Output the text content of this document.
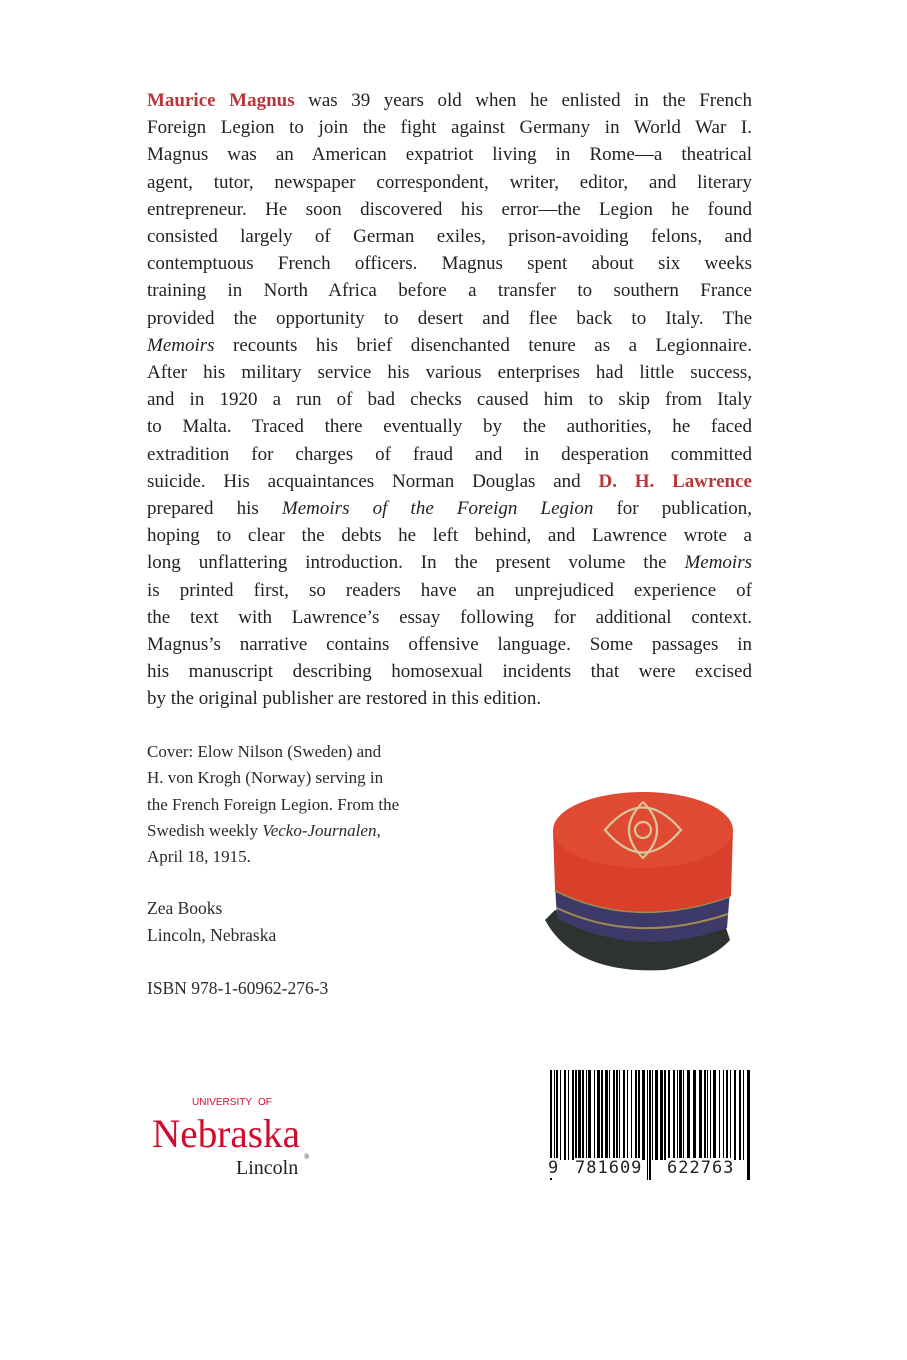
Maurice Magnus was 39 years old when he enlisted in the French
Foreign Legion to join the fight against Germany in World War I.
Magnus was an American expatriot living in Rome—a theatrical
agent, tutor, newspaper correspondent, writer, editor, and literary
entrepreneur. He soon discovered his error—the Legion he found
consisted largely of German exiles, prison-avoiding felons, and
contemptuous French officers. Magnus spent about six weeks
training in North Africa before a transfer to southern France
provided the opportunity to desert and flee back to Italy. The
Memoirs recounts his brief disenchanted tenure as a Legionnaire.
After his military service his various enterprises had little success,
and in 1920 a run of bad checks caused him to skip from Italy
to Malta. Traced there eventually by the authorities, he faced
extradition for charges of fraud and in desperation committed
suicide. His acquaintances Norman Douglas and D. H. Lawrence
prepared his Memoirs of the Foreign Legion for publication,
hoping to clear the debts he left behind, and Lawrence wrote a
long unflattering introduction. In the present volume the Memoirs
is printed first, so readers have an unprejudiced experience of
the text with Lawrence’s essay following for additional context.
Magnus’s narrative contains offensive language. Some passages in
his manuscript describing homosexual incidents that were excised
by the original publisher are restored in this edition.
Cover: Elow Nilson (Sweden) and
H. von Krogh (Norway) serving in
the French Foreign Legion. From the
Swedish weekly Vecko-Journalen,
April 18, 1915.
Zea Books
Lincoln, Nebraska
ISBN 978-1-60962-276-3
UNIVERSITY OF
Nebraska
Lincoln ®
9 781609 622763
